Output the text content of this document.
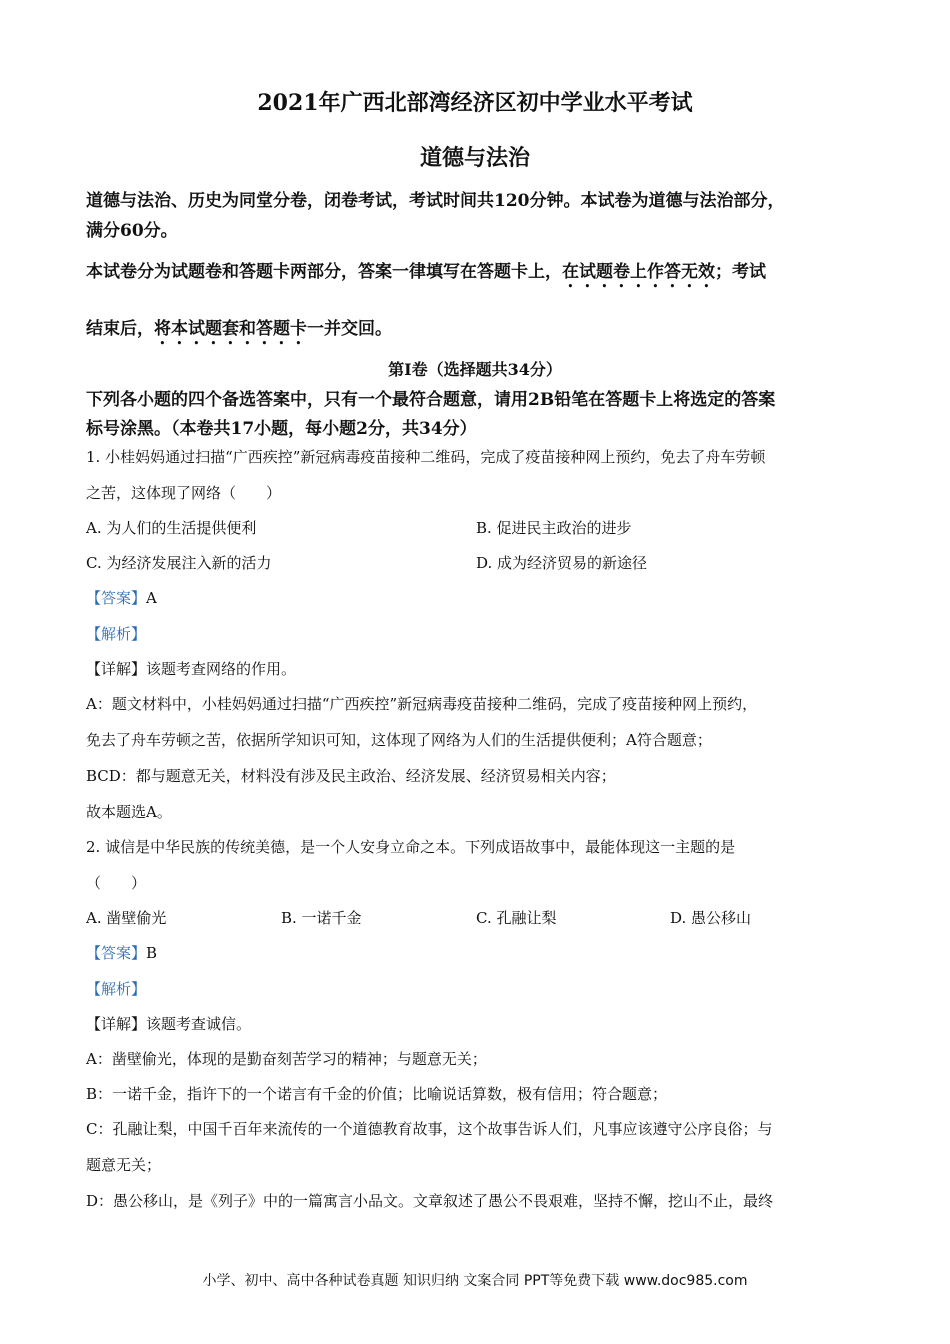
2021年广西北部湾经济区初中学业水平考试
道德与法治
道德与法治、历史为同堂分卷，闭卷考试，考试时间共120分钟。本试卷为道德与法治部分，
满分60分。
本试卷分为试题卷和答题卡两部分，答案一律填写在答题卡上，在试题卷上作答无效；考试
结束后，将本试题套和答题卡一并交回。
第Ⅰ卷（选择题共34分）
下列各小题的四个备选答案中，只有一个最符合题意，请用2B铅笔在答题卡上将选定的答案
标号涂黑。（本卷共17小题，每小题2分，共34分）
1. 小桂妈妈通过扫描“广西疾控”新冠病毒疫苗接种二维码，完成了疫苗接种网上预约，免去了舟车劳顿
之苦，这体现了网络（　　）
A. 为人们的生活提供便利	B. 促进民主政治的进步
C. 为经济发展注入新的活力	D. 成为经济贸易的新途径
【答案】A
【解析】
【详解】该题考查网络的作用。
A：题文材料中，小桂妈妈通过扫描“广西疾控”新冠病毒疫苗接种二维码，完成了疫苗接种网上预约，
免去了舟车劳顿之苦，依据所学知识可知，这体现了网络为人们的生活提供便利；A符合题意；
BCD：都与题意无关，材料没有涉及民主政治、经济发展、经济贸易相关内容；
故本题选A。
2. 诚信是中华民族的传统美德，是一个人安身立命之本。下列成语故事中，最能体现这一主题的是
（　　）
A. 凿壁偷光	B. 一诺千金	C. 孔融让梨	D. 愚公移山
【答案】B
【解析】
【详解】该题考查诚信。
A：凿壁偷光，体现的是勤奋刻苦学习的精神；与题意无关；
B：一诺千金，指许下的一个诺言有千金的价值；比喻说话算数，极有信用；符合题意；
C：孔融让梨，中国千百年来流传的一个道德教育故事，这个故事告诉人们，凡事应该遵守公序良俗；与
题意无关；
D：愚公移山，是《列子》中的一篇寓言小品文。文章叙述了愚公不畏艰难，坚持不懈，挖山不止，最终
小学、初中、高中各种试卷真题 知识归纳 文案合同 PPT等免费下载 www.doc985.com
